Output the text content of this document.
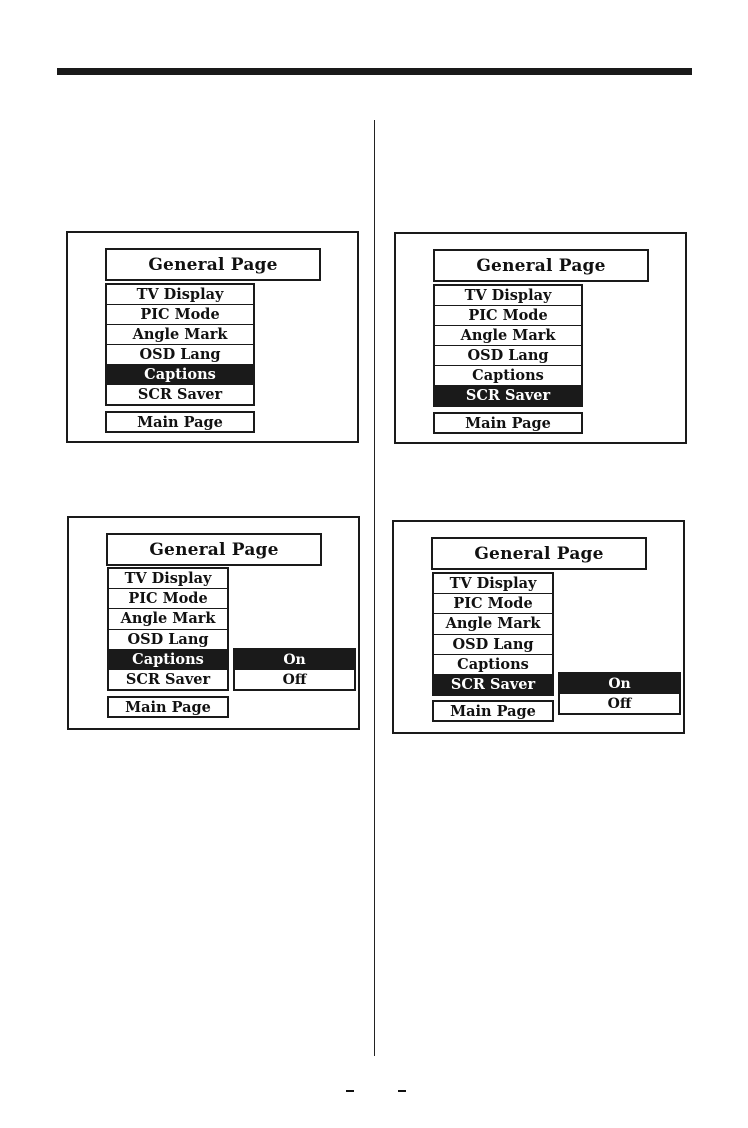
General Page
TV Display
PIC Mode
Angle Mark
OSD Lang
Captions
SCR Saver
Main Page
General Page
TV Display
PIC Mode
Angle Mark
OSD Lang
Captions
SCR Saver
Main Page
General Page
TV Display
PIC Mode
Angle Mark
OSD Lang
Captions
SCR Saver
On
Off
Main Page
General Page
TV Display
PIC Mode
Angle Mark
OSD Lang
Captions
SCR Saver	On
Off
Main Page
